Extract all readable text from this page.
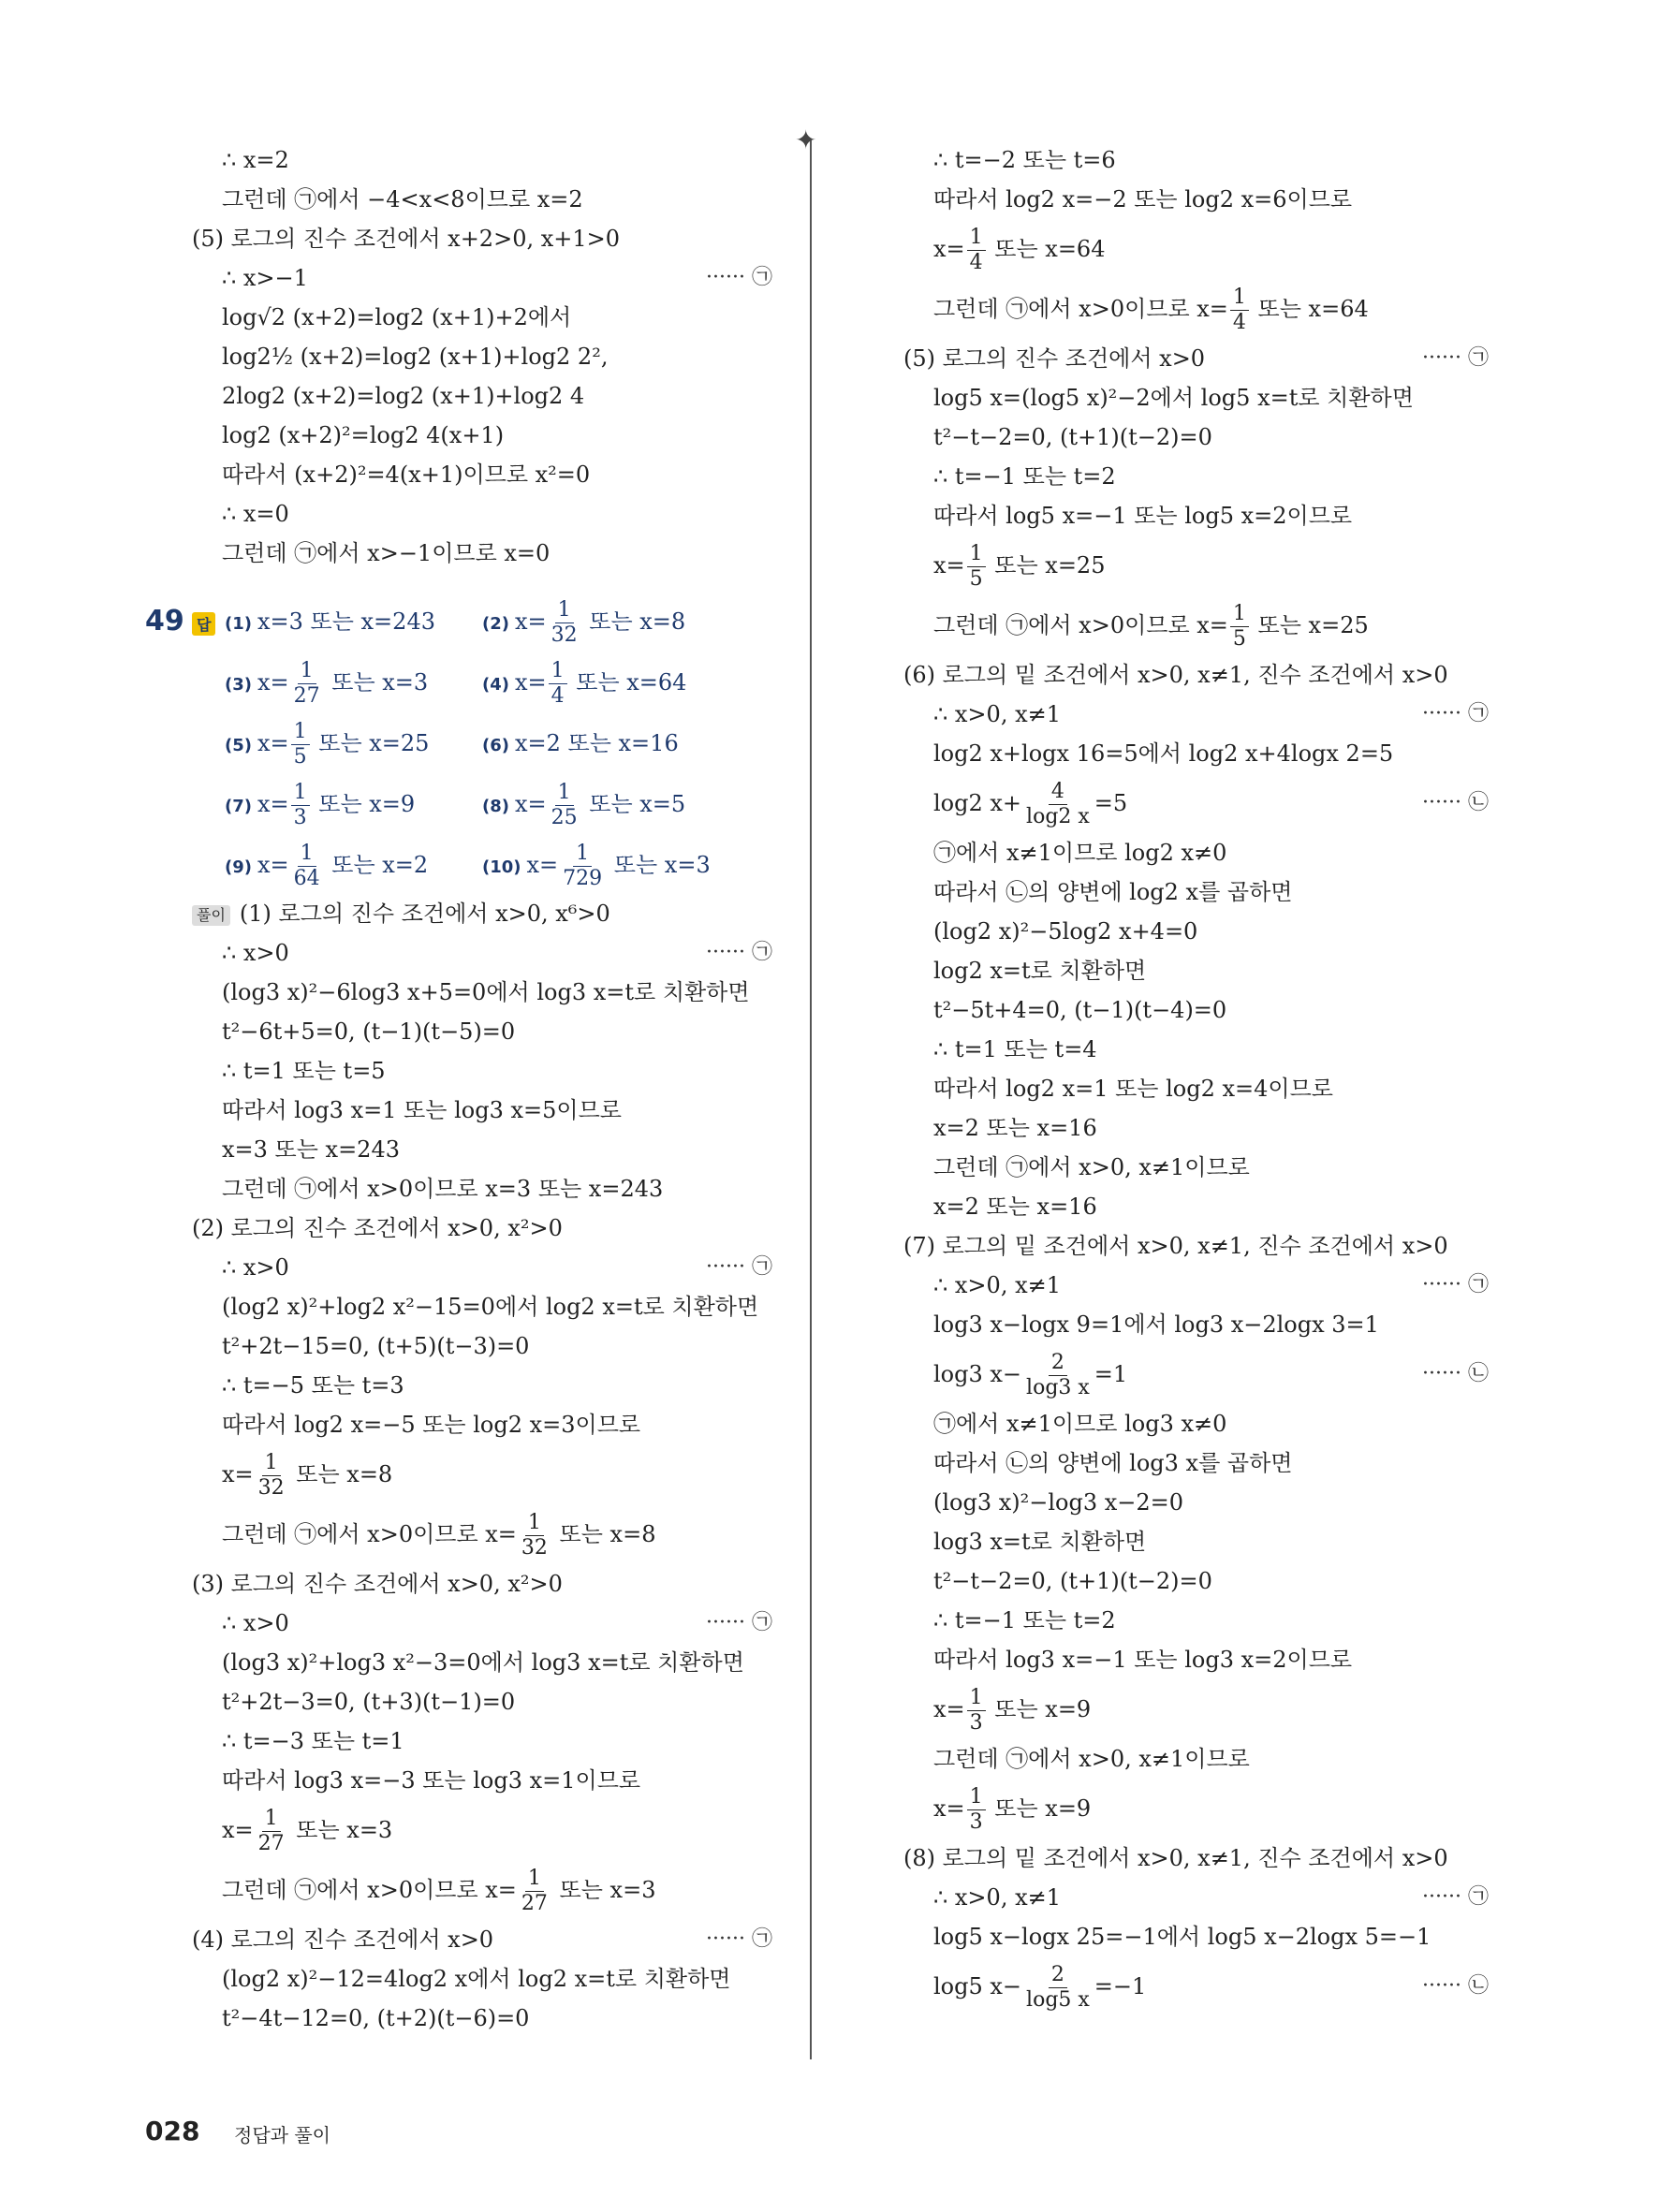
✦
∴ x=2
그런데 ㉠에서 −4<x<8이므로 x=2
(5) 로그의 진수 조건에서 x+2>0, x+1>0
∴ x>−1	······ ㉠
log√2 (x+2)=log2 (x+1)+2에서
log2½ (x+2)=log2 (x+1)+log2 2²,
2log2 (x+2)=log2 (x+1)+log2 4
log2 (x+2)²=log2 4(x+1)
따라서 (x+2)²=4(x+1)이므로 x²=0
∴ x=0
그런데 ㉠에서 x>−1이므로 x=0
49 답 (1) x=3 또는 x=243	(2) $x= \frac{1}{32}$ 또는 x=8
(3) $x= \frac{1}{27}$ 또는 x=3	(4) $x= \frac{1}{4}$ 또는 x=64
(5) $x= \frac{1}{5}$ 또는 x=25	(6) x=2 또는 x=16
(7) $x= \frac{1}{3}$ 또는 x=9	(8) $x= \frac{1}{25}$ 또는 x=5
(9) $x= \frac{1}{64}$ 또는 x=2	(10) $x= \frac{1}{729}$ 또는 x=3
풀이 (1) 로그의 진수 조건에서 x>0, x⁶>0
∴ x>0	······ ㉠
(log3 x)²−6log3 x+5=0에서 log3 x=t로 치환하면
t²−6t+5=0, (t−1)(t−5)=0
∴ t=1 또는 t=5
따라서 log3 x=1 또는 log3 x=5이므로
x=3 또는 x=243
그런데 ㉠에서 x>0이므로 x=3 또는 x=243
(2) 로그의 진수 조건에서 x>0, x²>0
∴ x>0	······ ㉠
(log2 x)²+log2 x²−15=0에서 log2 x=t로 치환하면
t²+2t−15=0, (t+5)(t−3)=0
∴ t=−5 또는 t=3
따라서 log2 x=−5 또는 log2 x=3이므로
$x= \frac{1}{32}$ 또는 x=8
그런데 ㉠에서 x>0이므로 $x= \frac{1}{32}$ 또는 x=8
(3) 로그의 진수 조건에서 x>0, x²>0
∴ x>0	······ ㉠
(log3 x)²+log3 x²−3=0에서 log3 x=t로 치환하면
t²+2t−3=0, (t+3)(t−1)=0
∴ t=−3 또는 t=1
따라서 log3 x=−3 또는 log3 x=1이므로
$x= \frac{1}{27}$ 또는 x=3
그런데 ㉠에서 x>0이므로 $x= \frac{1}{27}$ 또는 x=3
(4) 로그의 진수 조건에서 x>0	······ ㉠
(log2 x)²−12=4log2 x에서 log2 x=t로 치환하면
t²−4t−12=0, (t+2)(t−6)=0
∴ t=−2 또는 t=6
따라서 log2 x=−2 또는 log2 x=6이므로
$x= \frac{1}{4}$ 또는 x=64
그런데 ㉠에서 x>0이므로 $x= \frac{1}{4}$ 또는 x=64
(5) 로그의 진수 조건에서 x>0	······ ㉠
log5 x=(log5 x)²−2에서 log5 x=t로 치환하면
t²−t−2=0, (t+1)(t−2)=0
∴ t=−1 또는 t=2
따라서 log5 x=−1 또는 log5 x=2이므로
$x= \frac{1}{5}$ 또는 x=25
그런데 ㉠에서 x>0이므로 $x= \frac{1}{5}$ 또는 x=25
(6) 로그의 밑 조건에서 x>0, x≠1, 진수 조건에서 x>0
∴ x>0, x≠1	······ ㉠
log2 x+logx 16=5에서 log2 x+4logx 2=5
log2 $x+ \frac{4}{\log 2 x} =5$	······ ㉡
㉠에서 x≠1이므로 log2 x≠0
따라서 ㉡의 양변에 log2 x를 곱하면
(log2 x)²−5log2 x+4=0
log2 x=t로 치환하면
t²−5t+4=0, (t−1)(t−4)=0
∴ t=1 또는 t=4
따라서 log2 x=1 또는 log2 x=4이므로
x=2 또는 x=16
그런데 ㉠에서 x>0, x≠1이므로
x=2 또는 x=16
(7) 로그의 밑 조건에서 x>0, x≠1, 진수 조건에서 x>0
∴ x>0, x≠1	······ ㉠
log3 x−logx 9=1에서 log3 x−2logx 3=1
log3 $x- \frac{2}{\log 3 x} =1$	······ ㉡
㉠에서 x≠1이므로 log3 x≠0
따라서 ㉡의 양변에 log3 x를 곱하면
(log3 x)²−log3 x−2=0
log3 x=t로 치환하면
t²−t−2=0, (t+1)(t−2)=0
∴ t=−1 또는 t=2
따라서 log3 x=−1 또는 log3 x=2이므로
$x= \frac{1}{3}$ 또는 x=9
그런데 ㉠에서 x>0, x≠1이므로
$x= \frac{1}{3}$ 또는 x=9
(8) 로그의 밑 조건에서 x>0, x≠1, 진수 조건에서 x>0
∴ x>0, x≠1	······ ㉠
log5 x−logx 25=−1에서 log5 x−2logx 5=−1
log5 $x- \frac{2}{\log 5 x} =-1$	······ ㉡
028 정답과 풀이
